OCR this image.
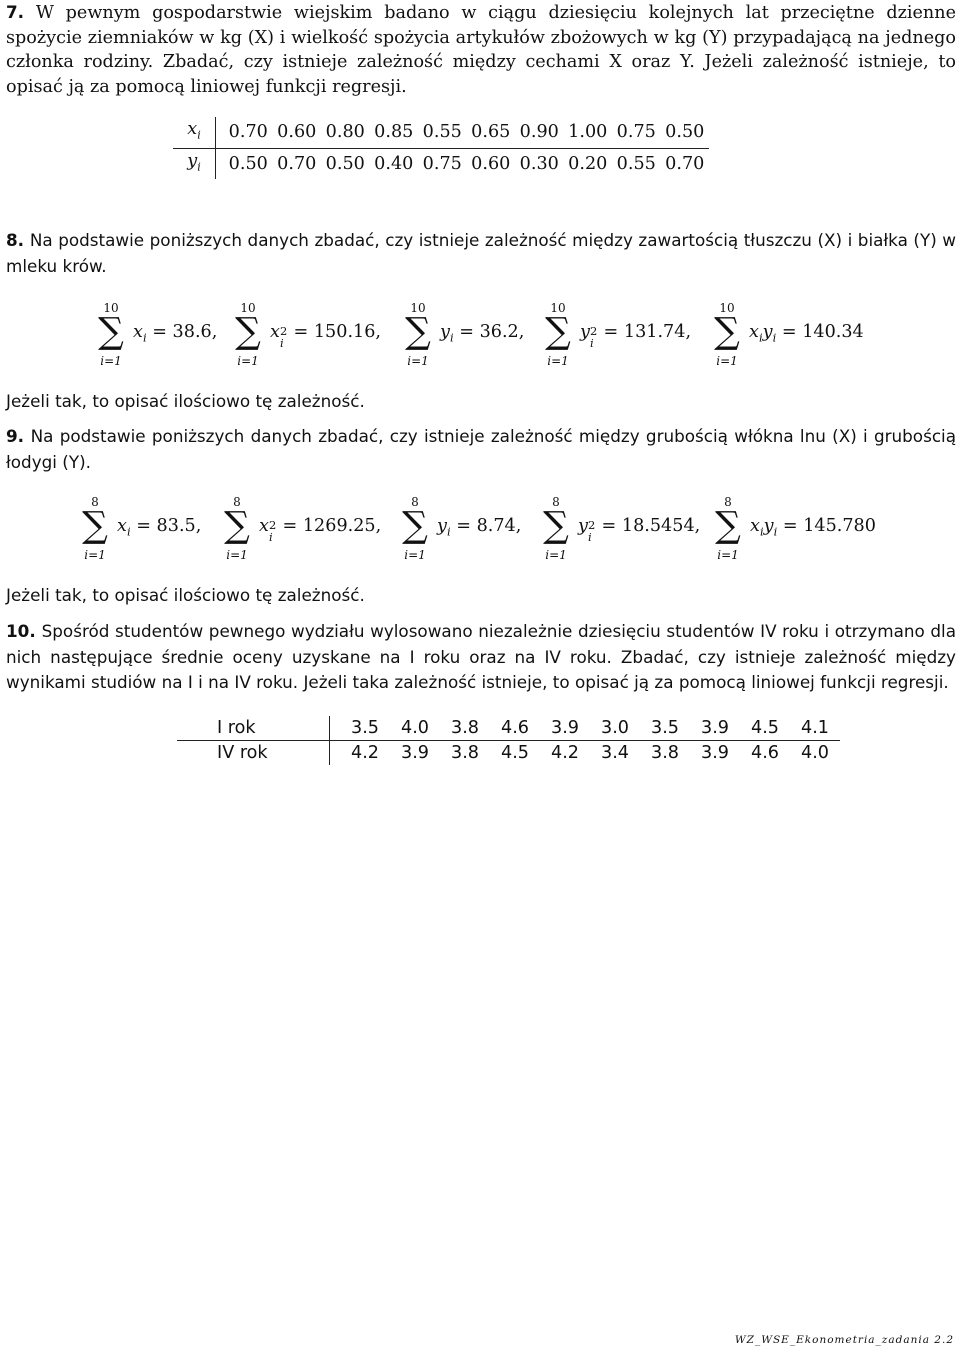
7. W pewnym gospodarstwie wiejskim badano w ciągu dziesięciu kolejnych lat przeciętne dzienne spożycie ziemniaków w kg (X) i wielkość spożycia artykułów zbożowych w kg (Y) przypadającą na jednego członka rodziny. Zbadać, czy istnieje zależność między cechami X oraz Y. Jeżeli zależność istnieje, to opisać ją za pomocą liniowej funkcji regresji.
$x_i$	0.70	0.60	0.80	0.85	0.55	0.65	0.90	1.00	0.75	0.50
$y_i$	0.50	0.70	0.50	0.40	0.75	0.60	0.30	0.20	0.55	0.70
8. Na podstawie poniższych danych zbadać, czy istnieje zależność między zawartością tłuszczu (X) i białka (Y) w mleku krów.
10
∑
i=1
$x_i = 38.6$,
10
∑
i=1
x 2
i
= 150.16,
10
∑
i=1
$y_i = 36.2$,
10
∑
i=1
y 2
i
= 131.74,
10
∑
i=1
$x_iy_i = 140.34$
Jeżeli tak, to opisać ilościowo tę zależność.
9. Na podstawie poniższych danych zbadać, czy istnieje zależność między grubością włókna lnu (X) i grubością łodygi (Y).
8
∑
i=1
$x_i = 83.5$,
8
∑
i=1
x 2
i
= 1269.25,
8
∑
i=1
$y_i = 8.74$,
8
∑
i=1
y 2
i
= 18.5454,
8
∑
i=1
$x_iy_i = 145.780$
Jeżeli tak, to opisać ilościowo tę zależność.
10. Spośród studentów pewnego wydziału wylosowano niezależnie dziesięciu studentów IV roku i otrzymano dla nich następujące średnie oceny uzyskane na I roku oraz na IV roku. Zbadać, czy istnieje zależność między wynikami studiów na I i na IV roku. Jeżeli taka zależność istnieje, to opisać ją za pomocą liniowej funkcji regresji.
I rok	3.5	4.0	3.8	4.6	3.9	3.0	3.5	3.9	4.5	4.1
IV rok	4.2	3.9	3.8	4.5	4.2	3.4	3.8	3.9	4.6	4.0
WZ_WSE_Ekonometria_zadania 2.2
